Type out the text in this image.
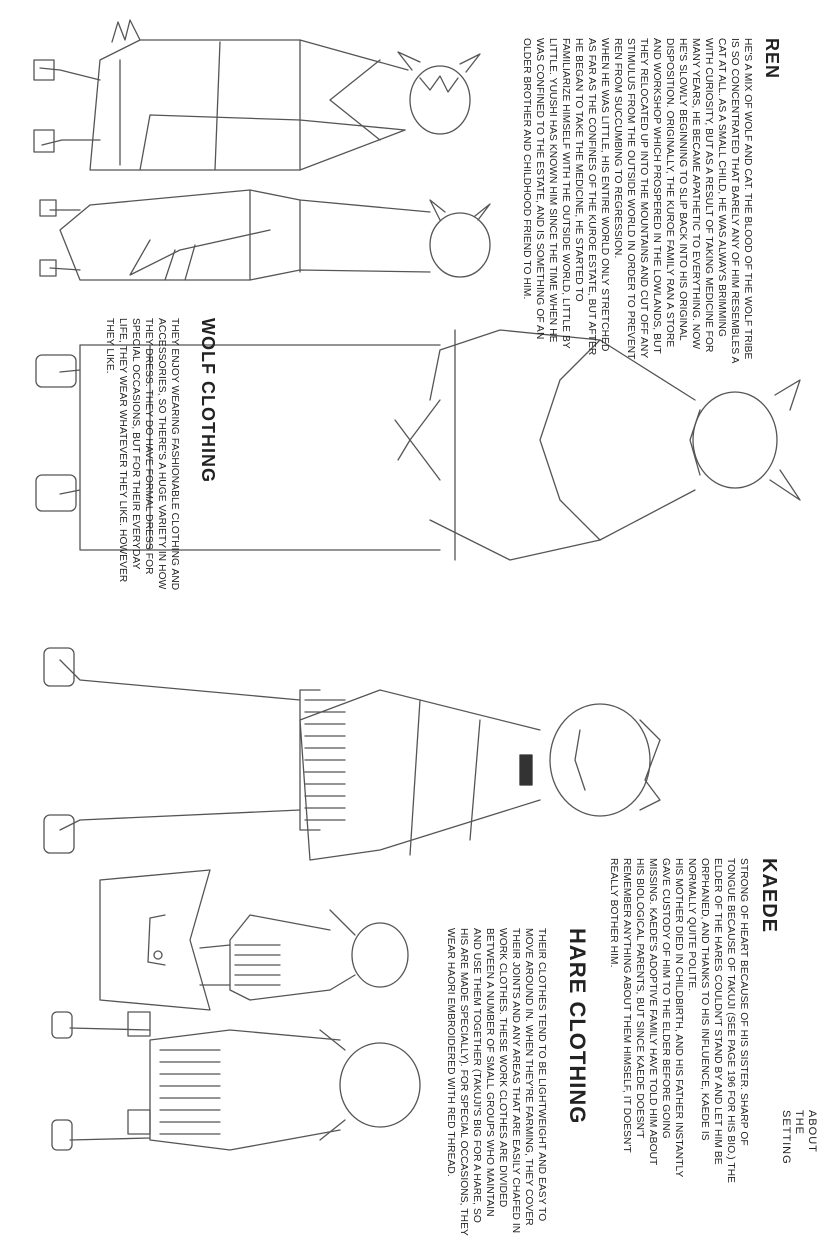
ABOUT THE SETTING
REN
HE'S A MIX OF WOLF AND CAT. THE BLOOD OF THE WOLF TRIBE
IS SO CONCENTRATED THAT BARELY ANY OF HIM RESEMBLES A
CAT AT ALL. AS A SMALL CHILD, HE WAS ALWAYS BRIMMING
WITH CURIOSITY, BUT AS A RESULT OF TAKING MEDICINE FOR
MANY YEARS, HE BECAME APATHETIC TO EVERYTHING. NOW
HE'S SLOWLY BEGINNING TO SLIP BACK INTO HIS ORIGINAL
DISPOSITION. ORIGINALLY, THE KUROE FAMILY RAN A STORE
AND WORKSHOP WHICH PROSPERED IN THE LOWLANDS, BUT
THEY RELOCATED UP INTO THE MOUNTAINS AND CUT OFF ANY
STIMULUS FROM THE OUTSIDE WORLD IN ORDER TO PREVENT
REN FROM SUCCUMBING TO REGRESSION.
WHEN HE WAS LITTLE, HIS ENTIRE WORLD ONLY STRETCHED
AS FAR AS THE CONFINES OF THE KUROE ESTATE, BUT AFTER
HE BEGAN TO TAKE THE MEDICINE, HE STARTED TO
FAMILIARIZE HIMSELF WITH THE OUTSIDE WORLD, LITTLE BY
LITTLE. YUUSHI HAS KNOWN HIM SINCE THE TIME WHEN HE
WAS CONFINED TO THE ESTATE, AND IS SOMETHING OF AN
OLDER BROTHER AND CHILDHOOD FRIEND TO HIM.
WOLF CLOTHING
THEY ENJOY WEARING FASHIONABLE CLOTHING AND
ACCESSORIES, SO THERE'S A HUGE VARIETY IN HOW
THEY DRESS. THEY DO HAVE FORMAL DRESS FOR
SPECIAL OCCASIONS, BUT FOR THEIR EVERYDAY
LIFE, THEY WEAR WHATEVER THEY LIKE. HOWEVER
THEY LIKE.
KAEDE
STRONG OF HEART BECAUSE OF HIS SISTER. SHARP OF
TONGUE BECAUSE OF TAKUJI (SEE PAGE 196 FOR HIS BIO.) THE
ELDER OF THE HARES COULDN'T STAND BY AND LET HIM BE
ORPHANED, AND THANKS TO HIS INFLUENCE, KAEDE IS
NORMALLY QUITE POLITE.
HIS MOTHER DIED IN CHILDBIRTH, AND HIS FATHER INSTANTLY
GAVE CUSTODY OF HIM TO THE ELDER BEFORE GOING
MISSING. KAEDE'S ADOPTIVE FAMILY HAVE TOLD HIM ABOUT
HIS BIOLOGICAL PARENTS, BUT SINCE KAEDE DOESN'T
REMEMBER ANYTHING ABOUT THEM HIMSELF, IT DOESN'T
REALLY BOTHER HIM.
HARE CLOTHING
THEIR CLOTHES TEND TO BE LIGHTWEIGHT AND EASY TO
MOVE AROUND IN. WHEN THEY'RE FARMING, THEY COVER
THEIR JOINTS AND ANY AREAS THAT ARE EASILY CHAFED IN
WORK CLOTHES. THESE WORK CLOTHES ARE DIVIDED
BETWEEN A NUMBER OF SMALL GROUPS WHO MAINTAIN
AND USE THEM TOGETHER (TAKUJI'S BIG FOR A HARE, SO
HIS ARE MADE SPECIALLY). FOR SPECIAL OCCASIONS, THEY
WEAR HAORI EMBROIDERED WITH RED THREAD.
